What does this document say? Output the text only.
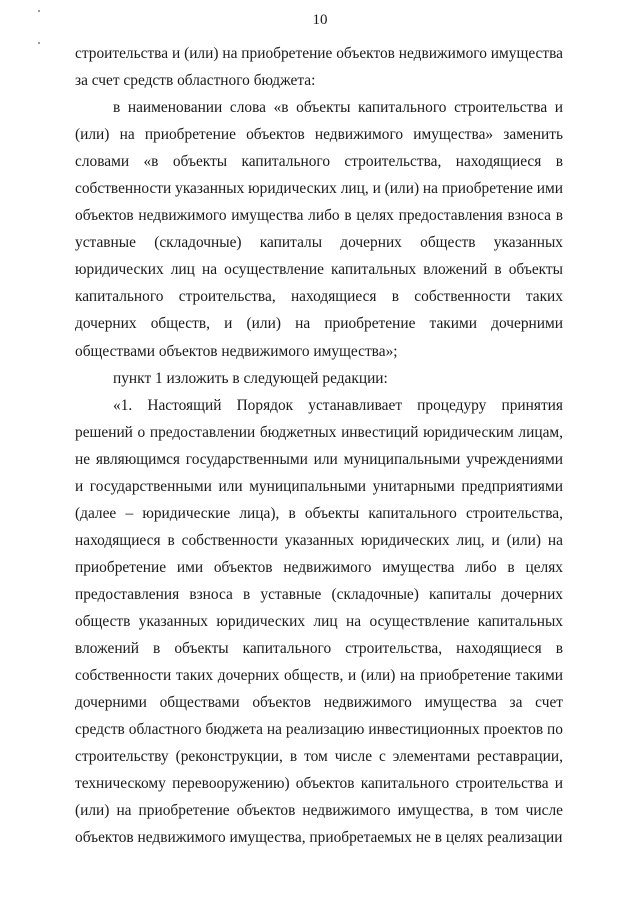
10

строительства и (или) на приобретение объектов недвижимого имущества за счет средств областного бюджета:

в наименовании слова «в объекты капитального строительства и (или) на приобретение объектов недвижимого имущества» заменить словами «в объекты капитального строительства, находящиеся в собственности указанных юридических лиц, и (или) на приобретение ими объектов недвижимого имущества либо в целях предоставления взноса в уставные (складочные) капиталы дочерних обществ указанных юридических лиц на осуществление капитальных вложений в объекты капитального строительства, находящиеся в собственности таких дочерних обществ, и (или) на приобретение такими дочерними обществами объектов недвижимого имущества»;

пункт 1 изложить в следующей редакции:

«1. Настоящий Порядок устанавливает процедуру принятия решений о предоставлении бюджетных инвестиций юридическим лицам, не являющимся государственными или муниципальными учреждениями и государственными или муниципальными унитарными предприятиями (далее – юридические лица), в объекты капитального строительства, находящиеся в собственности указанных юридических лиц, и (или) на приобретение ими объектов недвижимого имущества либо в целях предоставления взноса в уставные (складочные) капиталы дочерних обществ указанных юридических лиц на осуществление капитальных вложений в объекты капитального строительства, находящиеся в собственности таких дочерних обществ, и (или) на приобретение такими дочерними обществами объектов недвижимого имущества за счет средств областного бюджета на реализацию инвестиционных проектов по строительству (реконструкции, в том числе с элементами реставрации, техническому перевооружению) объектов капитального строительства и (или) на приобретение объектов недвижимого имущества, в том числе объектов недвижимого имущества, приобретаемых не в целях реализации
